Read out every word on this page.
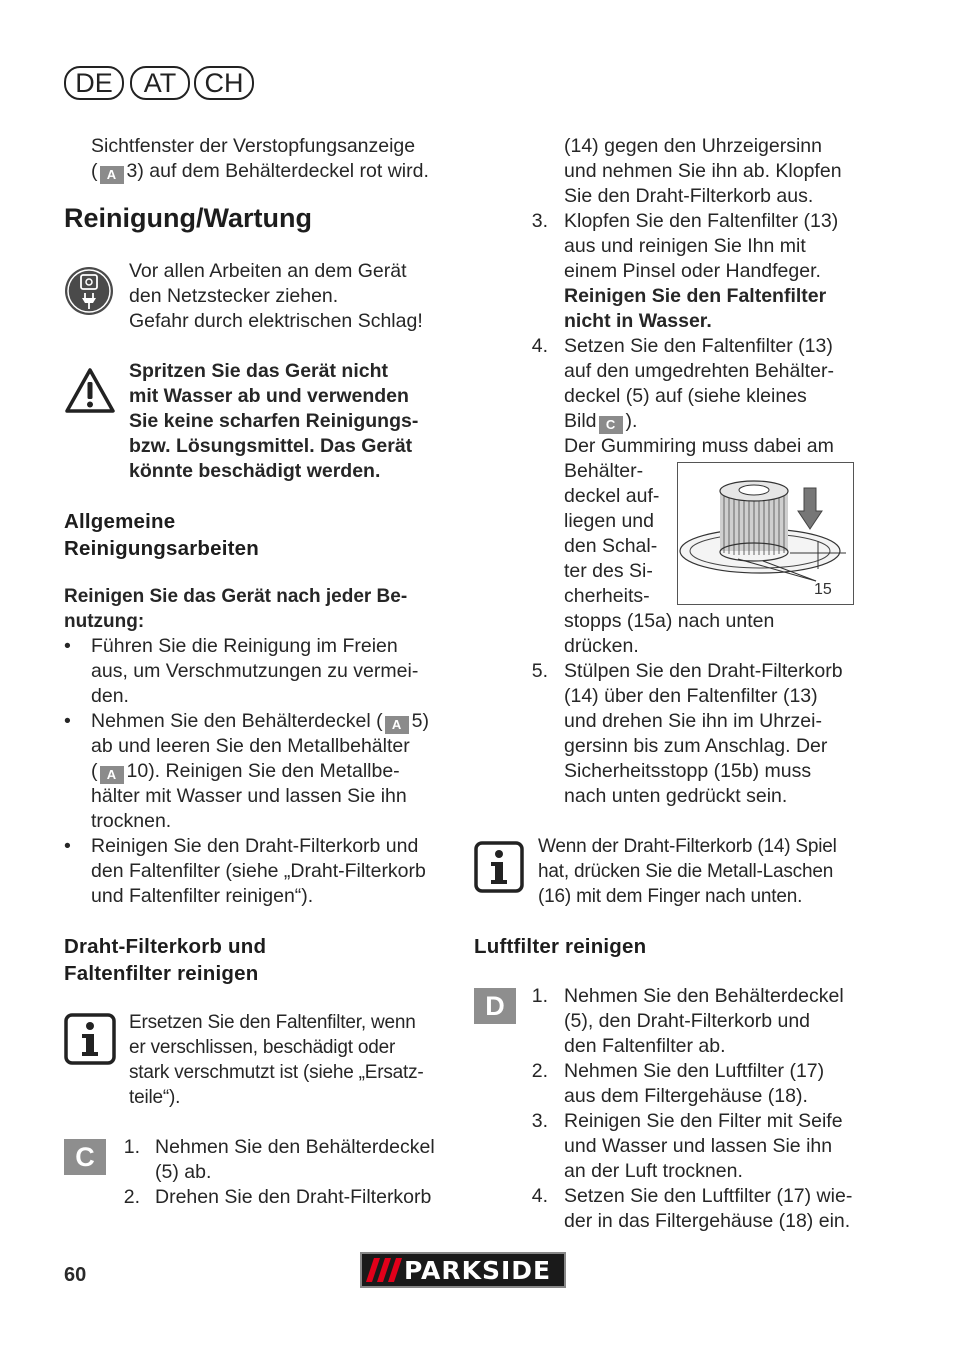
DE	AT	CH
Sichtfenster der Verstopfungsanzeige
( A 3) auf dem Behälterdeckel rot wird.
Reinigung/Wartung
Vor allen Arbeiten an dem Gerät
den Netzstecker ziehen.
Gefahr durch elektrischen Schlag!
Spritzen Sie das Gerät nicht
mit Wasser ab und verwenden
Sie keine scharfen Reinigungs-
bzw. Lösungsmittel. Das Gerät
könnte beschädigt werden.
Allgemeine
Reinigungsarbeiten
Reinigen Sie das Gerät nach jeder Be-
nutzung:
• Führen Sie die Reinigung im Freien
aus, um Verschmutzungen zu vermei-
den.
• Nehmen Sie den Behälterdeckel ( A 5)
ab und leeren Sie den Metallbehälter
( A 10). Reinigen Sie den Metallbe-
hälter mit Wasser und lassen Sie ihn
trocknen.
• Reinigen Sie den Draht-Filterkorb und
den Faltenfilter (siehe „Draht-Filterkorb
und Faltenfilter reinigen“).
Draht-Filterkorb und
Faltenfilter reinigen
Ersetzen Sie den Faltenfilter, wenn
er verschlissen, beschädigt oder
stark verschmutzt ist (siehe „Ersatz-
teile“).
C	1. Nehmen Sie den Behälterdeckel
(5) ab.
2. Drehen Sie den Draht-Filterkorb
(14) gegen den Uhrzeigersinn
und nehmen Sie ihn ab. Klopfen
Sie den Draht-Filterkorb aus.
3. Klopfen Sie den Faltenfilter (13)
aus und reinigen Sie Ihn mit
einem Pinsel oder Handfeger.
Reinigen Sie den Faltenfilter
nicht in Wasser.
4. Setzen Sie den Faltenfilter (13)
auf den umgedrehten Behälter-
deckel (5) auf (siehe kleines
Bild C ).
Der Gummiring muss dabei am
Behälter-
deckel auf-
liegen und
den Schal-
ter des Si-
cherheits-
stopps (15a) nach unten
drücken.
5. Stülpen Sie den Draht-Filterkorb
(14) über den Faltenfilter (13)
und drehen Sie ihn im Uhrzei-
gersinn bis zum Anschlag. Der
Sicherheitsstopp (15b) muss
nach unten gedrückt sein.
15
Wenn der Draht-Filterkorb (14) Spiel
hat, drücken Sie die Metall-Laschen
(16) mit dem Finger nach unten.
Luftfilter reinigen
D	1. Nehmen Sie den Behälterdeckel
(5), den Draht-Filterkorb und
den Faltenfilter ab.
2. Nehmen Sie den Luftfilter (17)
aus dem Filtergehäuse (18).
3. Reinigen Sie den Filter mit Seife
und Wasser und lassen Sie ihn
an der Luft trocknen.
4. Setzen Sie den Luftfilter (17) wie-
der in das Filtergehäuse (18) ein.
60	PARKSIDE
